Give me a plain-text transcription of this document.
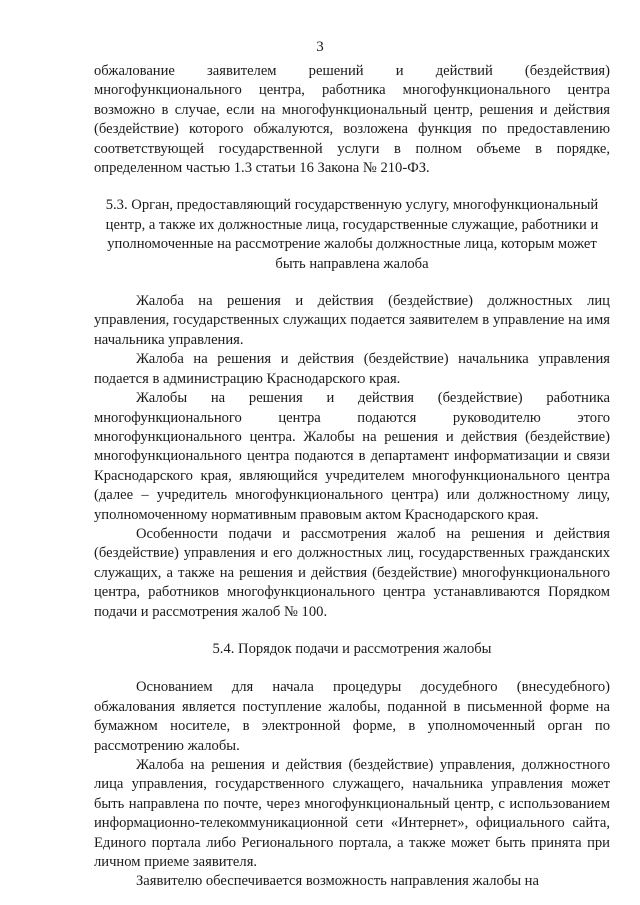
3

обжалование заявителем решений и действий (бездействия) многофункционального центра, работника многофункционального центра возможно в случае, если на многофункциональный центр, решения и действия (бездействие) которого обжалуются, возложена функция по предоставлению соответствующей государственной услуги в полном объеме в порядке, определенном частью 1.3 статьи 16 Закона № 210-ФЗ.

5.3. Орган, предоставляющий государственную услугу, многофункциональный центр, а также их должностные лица, государственные служащие, работники и уполномоченные на рассмотрение жалобы должностные лица, которым может быть направлена жалоба

Жалоба на решения и действия (бездействие) должностных лиц управления, государственных служащих подается заявителем в управление на имя начальника управления.

Жалоба на решения и действия (бездействие) начальника управления подается в администрацию Краснодарского края.

Жалобы на решения и действия (бездействие) работника многофункционального центра подаются руководителю этого многофункционального центра. Жалобы на решения и действия (бездействие) многофункционального центра подаются в департамент информатизации и связи Краснодарского края, являющийся учредителем многофункционального центра (далее – учредитель многофункционального центра) или должностному лицу, уполномоченному нормативным правовым актом Краснодарского края.

Особенности подачи и рассмотрения жалоб на решения и действия (бездействие) управления и его должностных лиц, государственных гражданских служащих, а также на решения и действия (бездействие) многофункционального центра, работников многофункционального центра устанавливаются Порядком подачи и рассмотрения жалоб № 100.

5.4. Порядок подачи и рассмотрения жалобы

Основанием для начала процедуры досудебного (внесудебного) обжалования является поступление жалобы, поданной в письменной форме на бумажном носителе, в электронной форме, в уполномоченный орган по рассмотрению жалобы.

Жалоба на решения и действия (бездействие) управления, должностного лица управления, государственного служащего, начальника управления может быть направлена по почте, через многофункциональный центр, с использованием информационно-телекоммуникационной сети «Интернет», официального сайта, Единого портала либо Регионального портала, а также может быть принята при личном приеме заявителя.

Заявителю обеспечивается возможность направления жалобы на
